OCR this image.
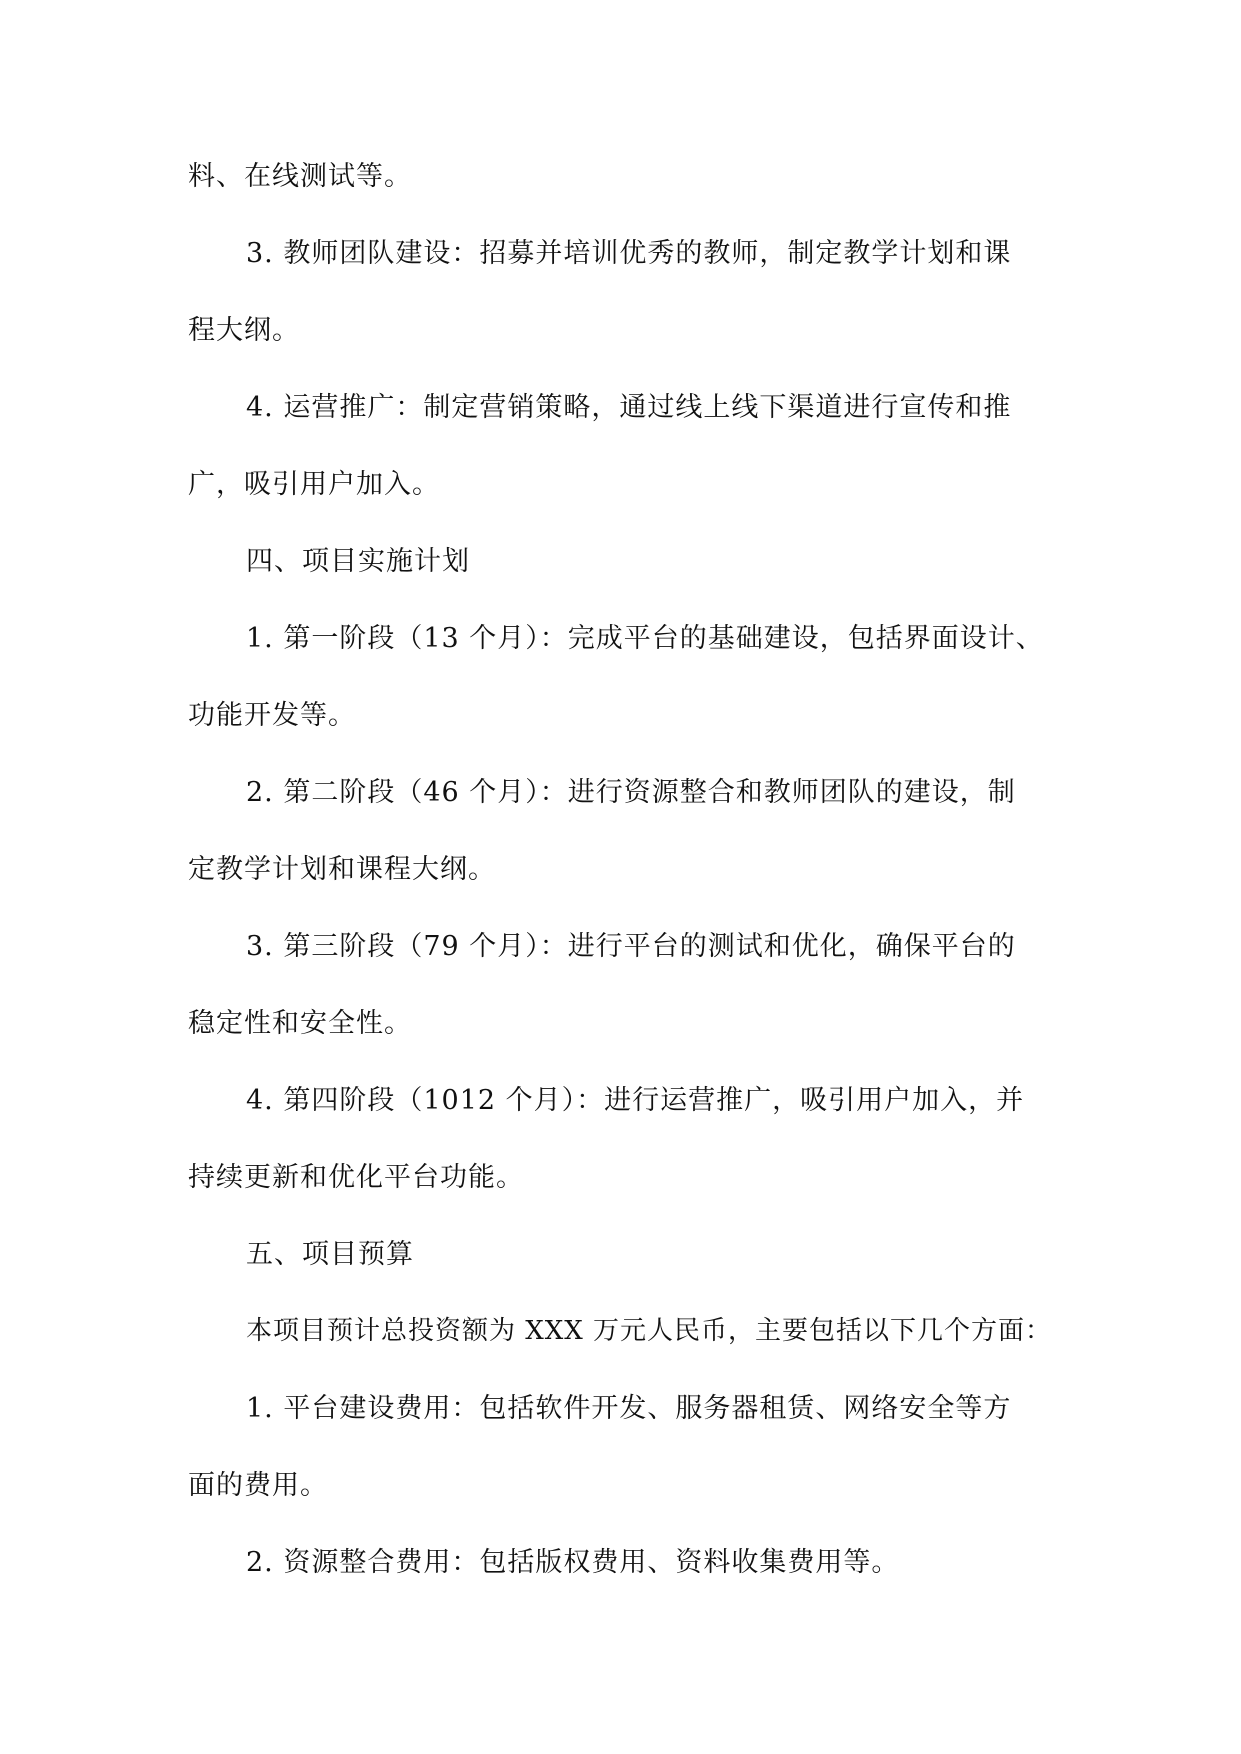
料、在线测试等。
3. 教师团队建设：招募并培训优秀的教师，制定教学计划和课
程大纲。
4. 运营推广：制定营销策略，通过线上线下渠道进行宣传和推
广，吸引用户加入。
四、项目实施计划
1. 第一阶段（13 个月）：完成平台的基础建设，包括界面设计、
功能开发等。
2. 第二阶段（46 个月）：进行资源整合和教师团队的建设，制
定教学计划和课程大纲。
3. 第三阶段（79 个月）：进行平台的测试和优化，确保平台的
稳定性和安全性。
4. 第四阶段（1012 个月）：进行运营推广，吸引用户加入，并
持续更新和优化平台功能。
五、项目预算
本项目预计总投资额为 XXX 万元人民币，主要包括以下几个方面：
1. 平台建设费用：包括软件开发、服务器租赁、网络安全等方
面的费用。
2. 资源整合费用：包括版权费用、资料收集费用等。
